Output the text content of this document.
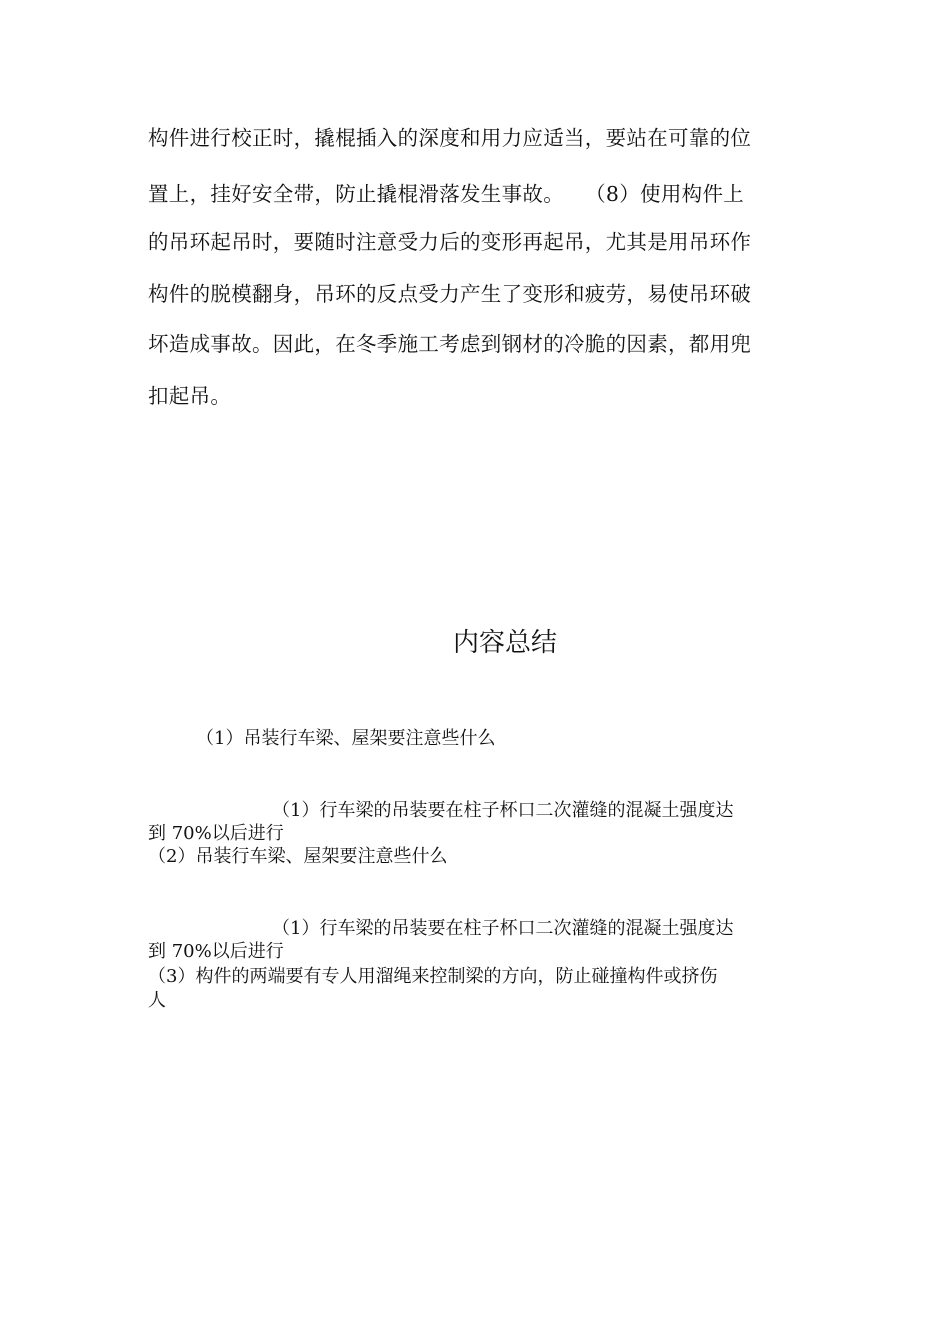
构件进行校正时，撬棍插入的深度和用力应适当，要站在可靠的位
置上，挂好安全带，防止撬棍滑落发生事故。　　（8）使用构件上
的吊环起吊时，要随时注意受力后的变形再起吊，尤其是用吊环作
构件的脱模翻身，吊环的反点受力产生了变形和疲劳，易使吊环破
坏造成事故。因此，在冬季施工考虑到钢材的冷脆的因素，都用兜
扣起吊。
内容总结
（1）吊装行车梁、屋架要注意些什么
（1）行车梁的吊装要在柱子杯口二次灌缝的混凝土强度达
到 70%以后进行
（2）吊装行车梁、屋架要注意些什么
（1）行车梁的吊装要在柱子杯口二次灌缝的混凝土强度达
到 70%以后进行
（3）构件的两端要有专人用溜绳来控制梁的方向，防止碰撞构件或挤伤
人
